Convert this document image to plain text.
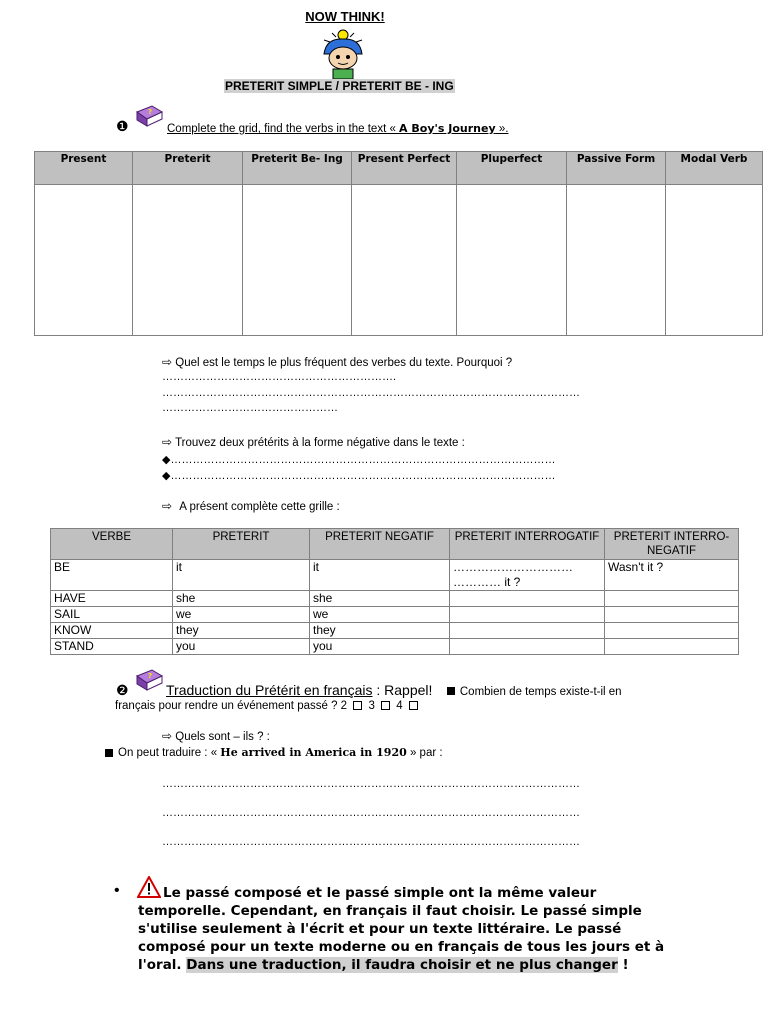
NOW THINK!
PRETERIT SIMPLE / PRETERIT BE - ING
❶
?
Complete the grid, find the verbs in the text « A Boy's Journey ».
Present	Preterit	Preterit Be- Ing	Present Perfect	Pluperfect	Passive Form	Modal Verb

⇨ Quel est le temps le plus fréquent des verbes du texte. Pourquoi ?
……………………………………………………….
……………………………………………………………………………………………………
…………………………………………
⇨ Trouvez deux prétérits à la forme négative dans le texte :
◆……………………………………………………………………………………………
◆……………………………………………………………………………………………
⇨ A présent complète cette grille :
VERBE	PRETERIT	PRETERIT NEGATIF	PRETERIT INTERROGATIF	PRETERIT INTERRO-NEGATIF
BE	it	it	………………………… ………… it ?	Wasn't it ?
HAVE	she	she		
SAIL	we	we		
KNOW	they	they		
STAND	you	you		
❷
?
Traduction du Prétérit en français : Rappel! Combien de temps existe-t-il en
français pour rendre un événement passé ? 2 3 4
⇨ Quels sont – ils ? :
On peut traduire : « He arrived in America in 1920 » par :
……………………………………………………………………………………………………
……………………………………………………………………………………………………
……………………………………………………………………………………………………
•	Le passé composé et le passé simple ont la même valeur temporelle. Cependant, en français il faut choisir. Le passé simple s'utilise seulement à l'écrit et pour un texte littéraire. Le passé composé pour un texte moderne ou en français de tous les jours et à l'oral. Dans une traduction, il faudra choisir et ne plus changer !
